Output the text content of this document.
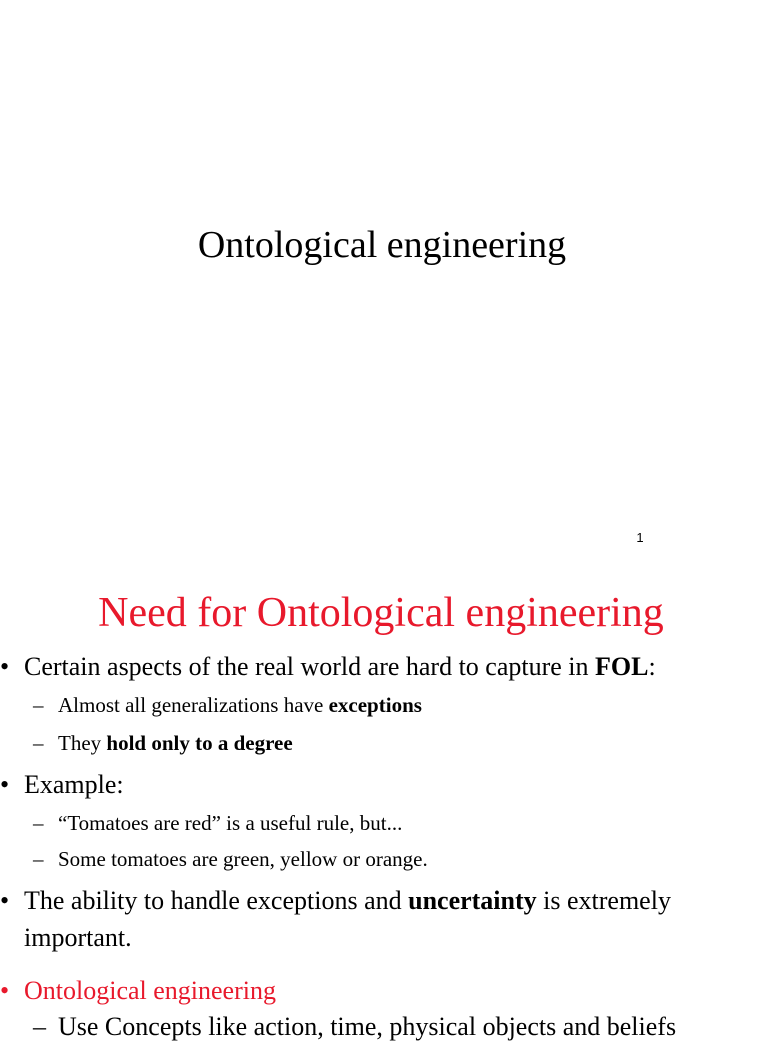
Ontological engineering
1
Need for Ontological engineering
• Certain aspects of the real world are hard to capture in FOL:
– Almost all generalizations have exceptions
– They hold only to a degree
• Example:
– “Tomatoes are red” is a useful rule, but...
– Some tomatoes are green, yellow or orange.
• The ability to handle exceptions and uncertainty is extremely
important.
• Ontological engineering
– Use Concepts like action, time, physical objects and beliefs
